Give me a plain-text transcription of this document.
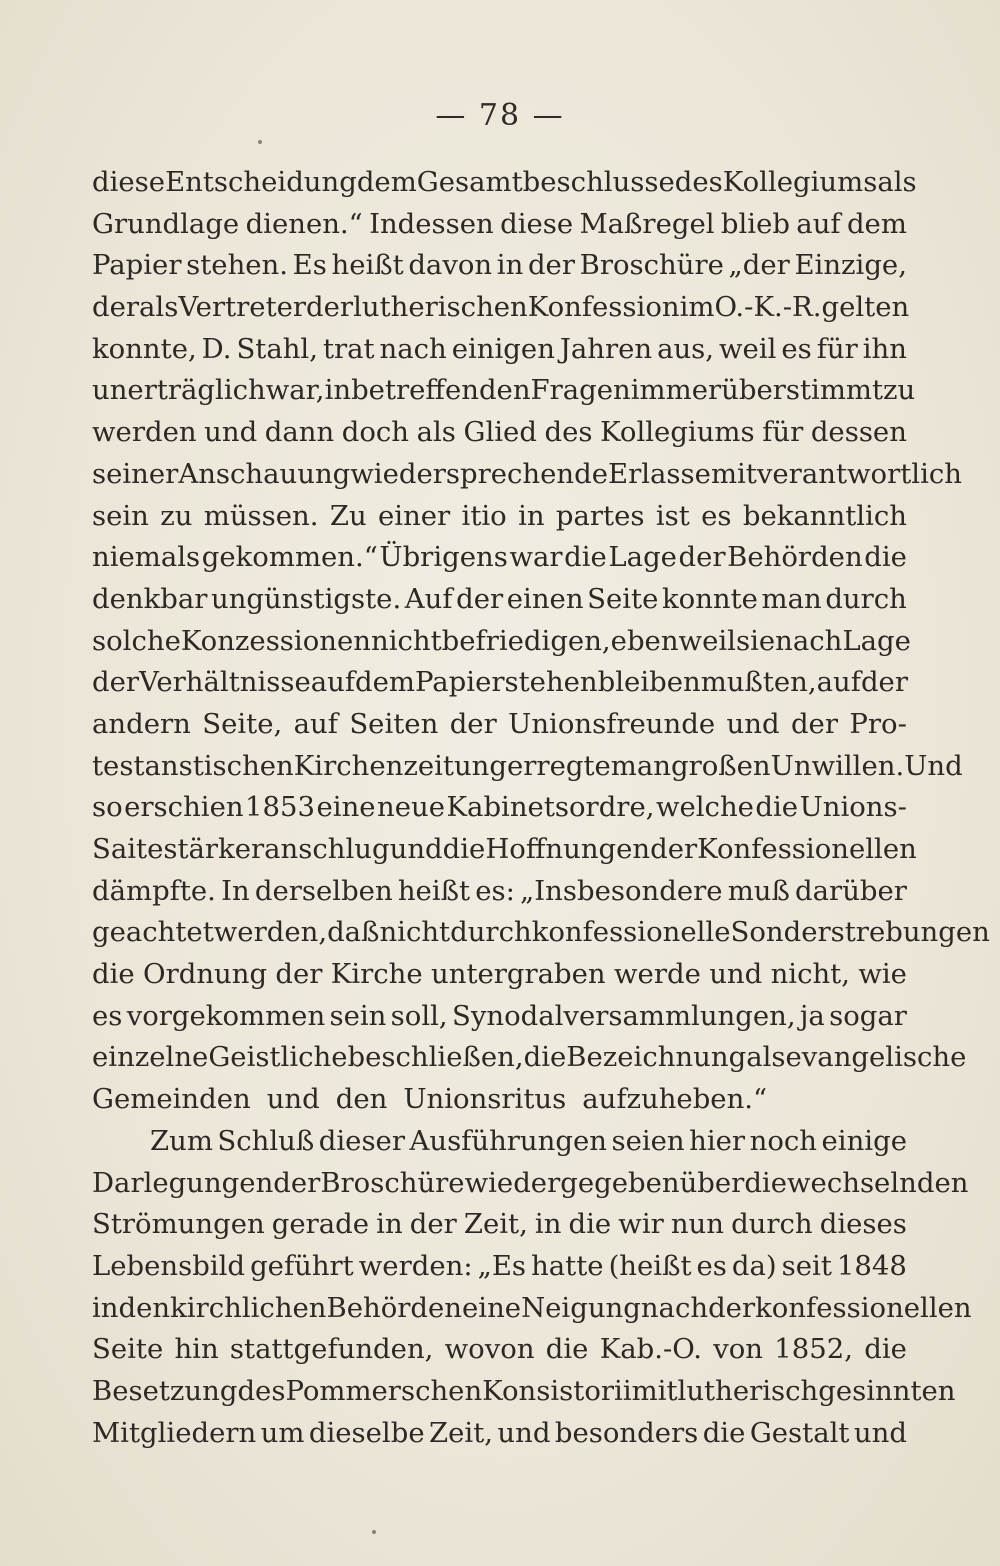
— 78 —
diese Entscheidung dem Gesamtbeschlusse des Kollegiums als
Grundlage dienen.“ Indessen diese Maßregel blieb auf dem
Papier stehen. Es heißt davon in der Broschüre „der Einzige,
der als Vertreter der lutherischen Konfession im O.-K.-R. gelten
konnte, D. Stahl, trat nach einigen Jahren aus, weil es für ihn
unerträglich war, in betreffenden Fragen immer überstimmt zu
werden und dann doch als Glied des Kollegiums für dessen
seiner Anschauung wiedersprechende Erlasse mit verantwortlich
sein zu müssen. Zu einer itio in partes ist es bekanntlich
niemals gekommen.“ Übrigens war die Lage der Behörden die
denkbar ungünstigste. Auf der einen Seite konnte man durch
solche Konzessionen nicht befriedigen, eben weil sie nach Lage
der Verhältnisse auf dem Papier stehen bleiben mußten, auf der
andern Seite, auf Seiten der Unionsfreunde und der Pro-
testanstischen Kirchenzeitung erregte man großen Unwillen. Und
so erschien 1853 eine neue Kabinetsordre, welche die Unions-
Saite stärker anschlug und die Hoffnungen der Konfessionellen
dämpfte. In derselben heißt es: „Insbesondere muß darüber
geachtet werden, daß nicht durch konfessionelle Sonderstrebungen
die Ordnung der Kirche untergraben werde und nicht, wie
es vorgekommen sein soll, Synodalversammlungen, ja sogar
einzelne Geistliche beschließen, die Bezeichnung als evangelische
Gemeinden und den Unionsritus aufzuheben.“
Zum Schluß dieser Ausführungen seien hier noch einige
Darlegungen der Broschüre wiedergegeben über die wechselnden
Strömungen gerade in der Zeit, in die wir nun durch dieses
Lebensbild geführt werden: „Es hatte (heißt es da) seit 1848
in den kirchlichen Behörden eine Neigung nach der konfessionellen
Seite hin stattgefunden, wovon die Kab.-O. von 1852, die
Besetzung des Pommerschen Konsistorii mit lutherisch gesinnten
Mitgliedern um dieselbe Zeit, und besonders die Gestalt und
